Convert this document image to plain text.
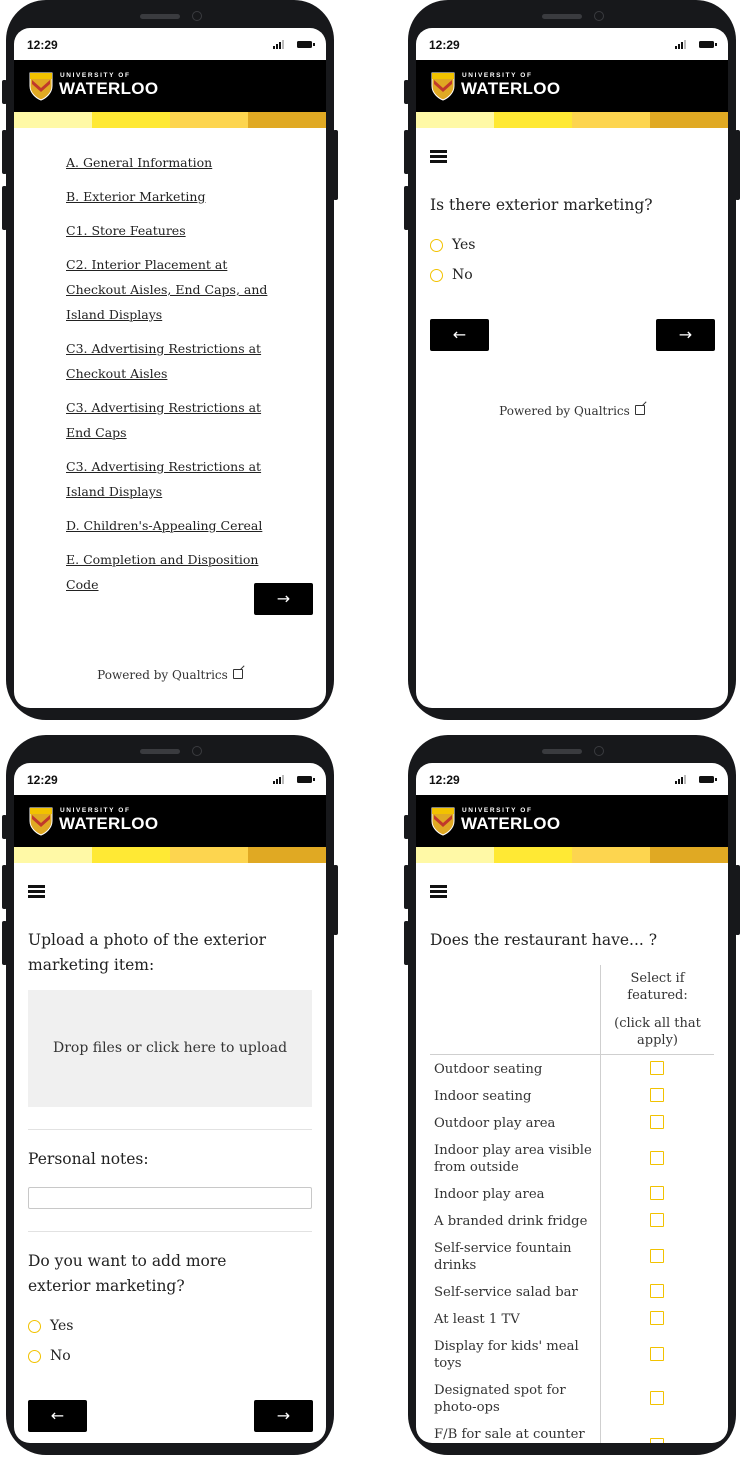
12:29
UNIVERSITY OF
WATERLOO
A. General Information
B. Exterior Marketing
C1. Store Features
C2. Interior Placement at Checkout Aisles, End Caps, and Island Displays
C3. Advertising Restrictions at Checkout Aisles
C3. Advertising Restrictions at End Caps
C3. Advertising Restrictions at Island Displays
D. Children's-Appealing Cereal
E. Completion and Disposition Code
→
Powered by Qualtrics
12:29
UNIVERSITY OF
WATERLOO
Is there exterior marketing?
Yes
No
←	→
Powered by Qualtrics
12:29
UNIVERSITY OF
WATERLOO
Upload a photo of the exterior marketing item:
Drop files or click here to upload
Personal notes:
Do you want to add more exterior marketing?
Yes
No
←	→
12:29
UNIVERSITY OF
WATERLOO
Does the restaurant have... ?
Select if featured:
(click all that apply)
Outdoor seating
Indoor seating
Outdoor play area
Indoor play area visible from outside
Indoor play area
A branded drink fridge
Self-service fountain drinks
Self-service salad bar
At least 1 TV
Display for kids' meal toys
Designated spot for photo-ops
F/B for sale at counter
